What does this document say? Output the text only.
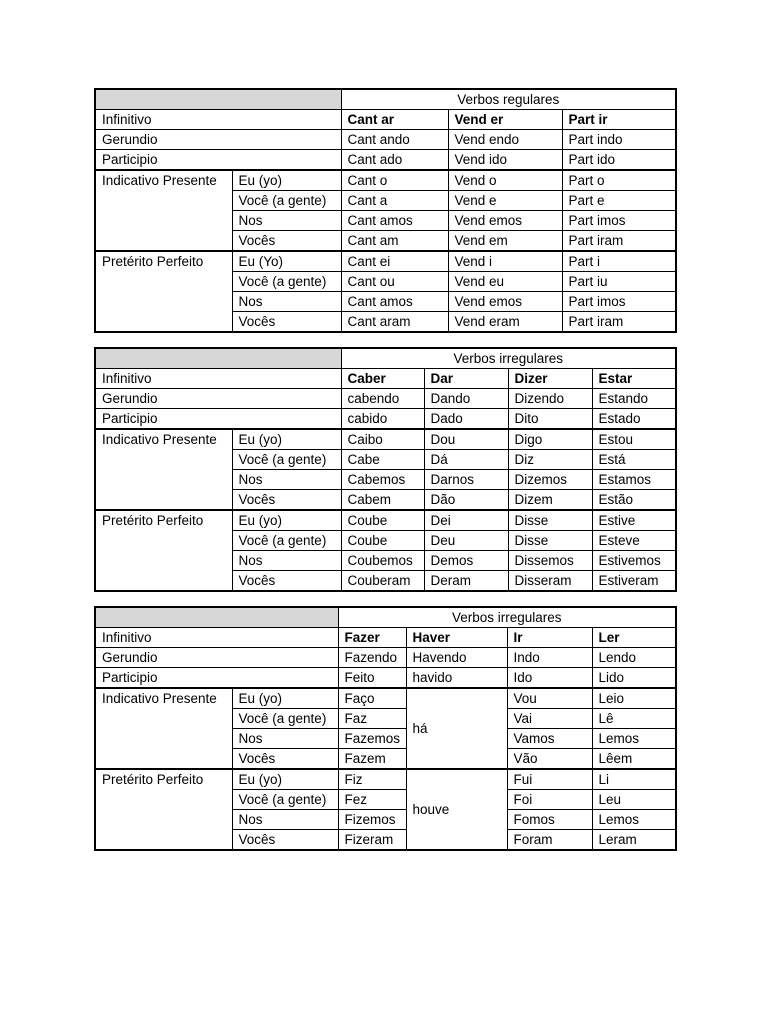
		Verbos regulares		
Infinitivo		Cant ar	Vend er	Part ir
Gerundio		Cant ando	Vend endo	Part indo
Participio		Cant ado	Vend ido	Part ido
Indicativo Presente	Eu (yo)	Cant o	Vend o	Part o
	Você (a gente)	Cant a	Vend e	Part e
	Nos	Cant amos	Vend emos	Part imos
	Vocês	Cant am	Vend em	Part iram
Pretérito Perfeito	Eu (Yo)	Cant ei	Vend i	Part i
	Você (a gente)	Cant ou	Vend eu	Part iu
	Nos	Cant amos	Vend emos	Part imos
	Vocês	Cant aram	Vend eram	Part iram
		Verbos irregulares			
Infinitivo		Caber	Dar	Dizer	Estar
Gerundio		cabendo	Dando	Dizendo	Estando
Participio		cabido	Dado	Dito	Estado
Indicativo Presente	Eu (yo)	Caibo	Dou	Digo	Estou
	Você (a gente)	Cabe	Dá	Diz	Está
	Nos	Cabemos	Darnos	Dizemos	Estamos
	Vocês	Cabem	Dão	Dizem	Estão
Pretérito Perfeito	Eu (yo)	Coube	Dei	Disse	Estive
	Você (a gente)	Coube	Deu	Disse	Esteve
	Nos	Coubemos	Demos	Dissemos	Estivemos
	Vocês	Couberam	Deram	Disseram	Estiveram
		Verbos irregulares			
Infinitivo		Fazer	Haver	Ir	Ler
Gerundio		Fazendo	Havendo	Indo	Lendo
Participio		Feito	havido	Ido	Lido
Indicativo Presente	Eu (yo)	Faço	há	Vou	Leio
	Você (a gente)	Faz		Vai	Lê
	Nos	Fazemos		Vamos	Lemos
	Vocês	Fazem		Vão	Lêem
Pretérito Perfeito	Eu (yo)	Fiz	houve	Fui	Li
	Você (a gente)	Fez		Foi	Leu
	Nos	Fizemos		Fomos	Lemos
	Vocês	Fizeram		Foram	Leram
